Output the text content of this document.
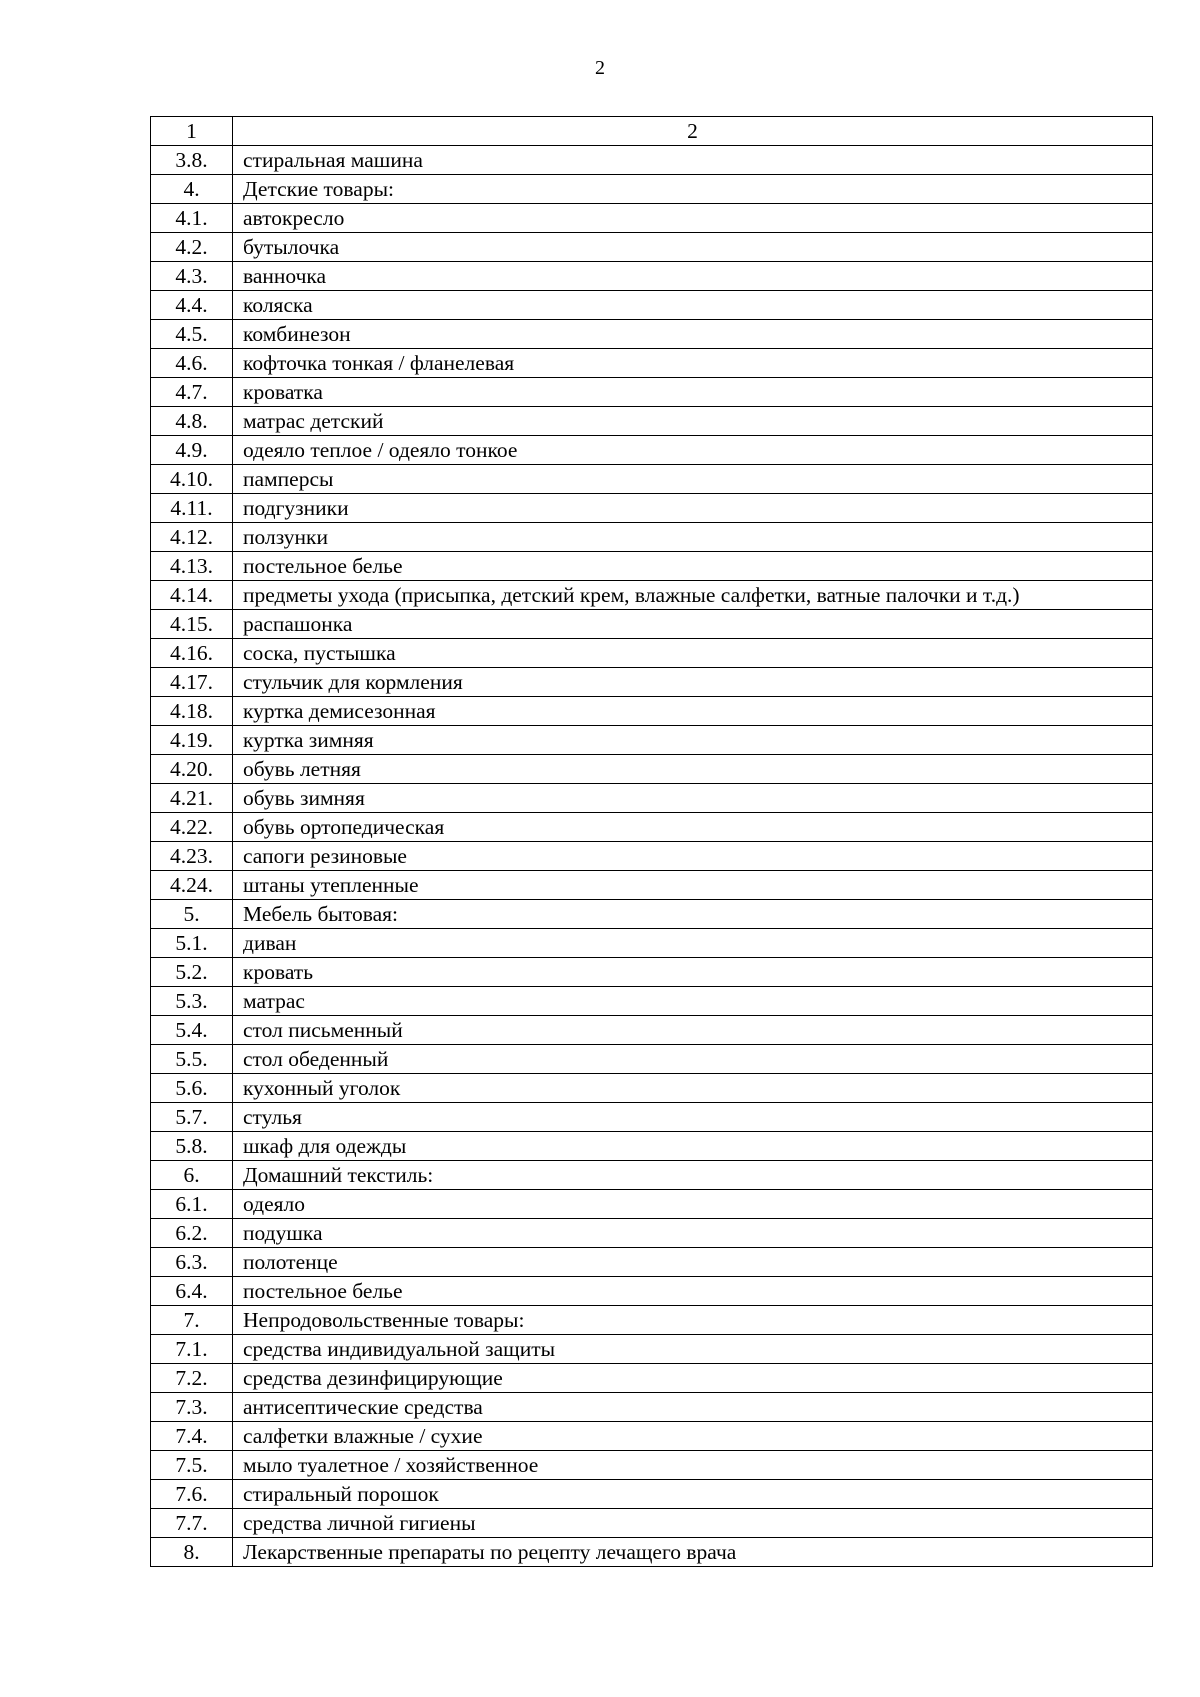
2
1	2
3.8.	стиральная машина
4.	Детские товары:
4.1.	автокресло
4.2.	бутылочка
4.3.	ванночка
4.4.	коляска
4.5.	комбинезон
4.6.	кофточка тонкая / фланелевая
4.7.	кроватка
4.8.	матрас детский
4.9.	одеяло теплое / одеяло тонкое
4.10.	памперсы
4.11.	подгузники
4.12.	ползунки
4.13.	постельное белье
4.14.	предметы ухода (присыпка, детский крем, влажные салфетки, ватные палочки и т.д.)
4.15.	распашонка
4.16.	соска, пустышка
4.17.	стульчик для кормления
4.18.	куртка демисезонная
4.19.	куртка зимняя
4.20.	обувь летняя
4.21.	обувь зимняя
4.22.	обувь ортопедическая
4.23.	сапоги резиновые
4.24.	штаны утепленные
5.	Мебель бытовая:
5.1.	диван
5.2.	кровать
5.3.	матрас
5.4.	стол письменный
5.5.	стол обеденный
5.6.	кухонный уголок
5.7.	стулья
5.8.	шкаф для одежды
6.	Домашний текстиль:
6.1.	одеяло
6.2.	подушка
6.3.	полотенце
6.4.	постельное белье
7.	Непродовольственные товары:
7.1.	средства индивидуальной защиты
7.2.	средства дезинфицирующие
7.3.	антисептические средства
7.4.	салфетки влажные / сухие
7.5.	мыло туалетное / хозяйственное
7.6.	стиральный порошок
7.7.	средства личной гигиены
8.	Лекарственные препараты по рецепту лечащего врача
